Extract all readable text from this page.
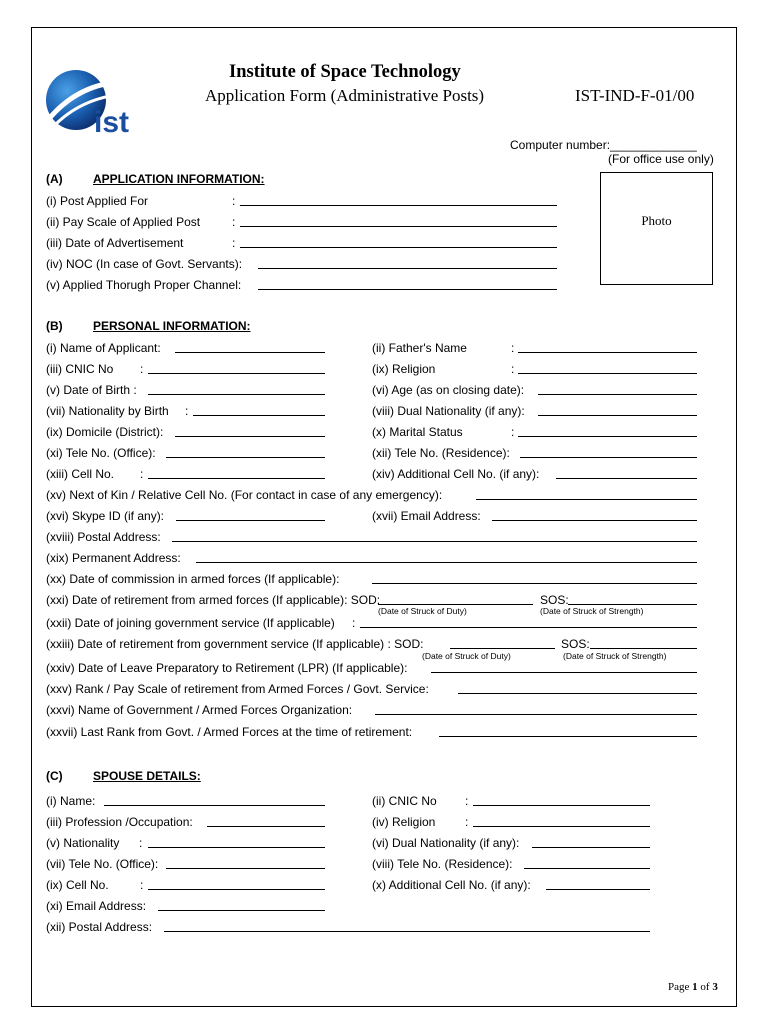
ist
Institute of Space Technology
Application Form (Administrative Posts)	IST-IND-F-01/00
Computer number:_____________
(For office use only)
Photo
(A)	APPLICATION INFORMATION:
(i) Post Applied For	:
(ii) Pay Scale of Applied Post	:
(iii) Date of Advertisement	:
(iv) NOC (In case of Govt. Servants):
(v) Applied Thorugh Proper Channel:
(B)	PERSONAL INFORMATION:
(i) Name of Applicant:	(ii) Father's Name	:
(iii) CNIC No :	(ix) Religion	:
(v) Date of Birth :	(vi) Age (as on closing date):
(vii) Nationality by Birth :	(viii) Dual Nationality (if any):
(ix) Domicile (District):	(x) Marital Status	:
(xi) Tele No. (Office):	(xii) Tele No. (Residence):
(xiii) Cell No. :	(xiv) Additional Cell No. (if any):
(xv) Next of Kin / Relative Cell No. (For contact in case of any emergency):
(xvi) Skype ID (if any):	(xvii) Email Address:
(xviii) Postal Address:
(xix) Permanent Address:
(xx) Date of commission in armed forces (If applicable):
(xxi) Date of retirement from armed forces (If applicable): SOD:	SOS:
(Date of Struck of Duty)	(Date of Struck of Strength)
(xxii) Date of joining government service (If applicable) :
(xxiii) Date of retirement from government service (If applicable) : SOD:	SOS:
(Date of Struck of Duty)	(Date of Struck of Strength)
(xxiv) Date of Leave Preparatory to Retirement (LPR) (If applicable):
(xxv) Rank / Pay Scale of retirement from Armed Forces / Govt. Service:
(xxvi) Name of Government / Armed Forces Organization:
(xxvii) Last Rank from Govt. / Armed Forces at the time of retirement:
(C)	SPOUSE DETAILS:
(i) Name:	(ii) CNIC No :
(iii) Profession /Occupation:	(iv) Religion :
(v) Nationality :	(vi) Dual Nationality (if any):
(vii) Tele No. (Office):	(viii) Tele No. (Residence):
(ix) Cell No.	:	(x) Additional Cell No. (if any):
(xi) Email Address:
(xii) Postal Address:
Page 1 of 3
